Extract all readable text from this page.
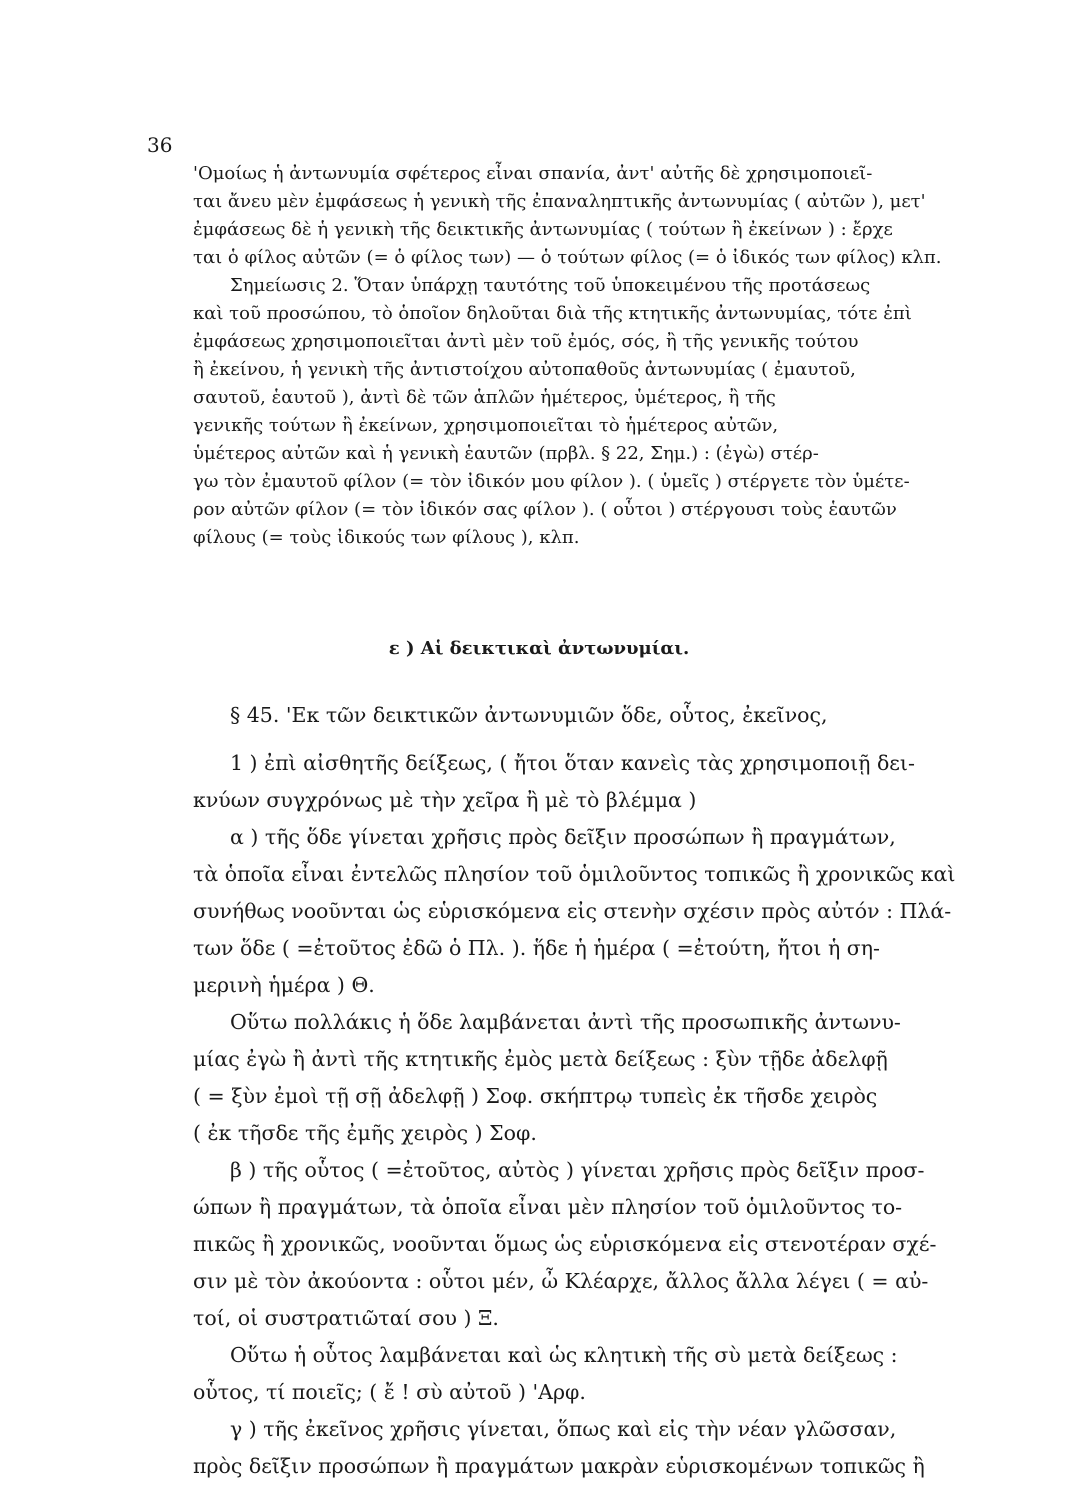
36
'Ομοίως ἡ ἀντωνυμία σφέτερος εἶναι σπανία, ἀντ' αὐτῆς δὲ χρησιμοποιεῖ-
ται ἄνευ μὲν ἐμφάσεως ἡ γενικὴ τῆς ἐπαναληπτικῆς ἀντωνυμίας ( αὐτῶν ), μετ'
ἐμφάσεως δὲ ἡ γενικὴ τῆς δεικτικῆς ἀντωνυμίας ( τούτων ἢ ἐκείνων ) : ἔρχε
ται ὁ φίλος αὐτῶν (= ὁ φίλος των) — ὁ τούτων φίλος (= ὁ ἰδικός των φίλος) κλπ.
Σημείωσις 2. Ὅταν ὑπάρχῃ ταυτότης τοῦ ὑποκειμένου τῆς προτάσεως
καὶ τοῦ προσώπου, τὸ ὁποῖον δηλοῦται διὰ τῆς κτητικῆς ἀντωνυμίας, τότε ἐπὶ
ἐμφάσεως χρησιμοποιεῖται ἀντὶ μὲν τοῦ ἐμός, σός, ἢ τῆς γενικῆς τούτου
ἢ ἐκείνου, ἡ γενικὴ τῆς ἀντιστοίχου αὐτοπαθοῦς ἀντωνυμίας ( ἐμαυτοῦ,
σαυτοῦ, ἑαυτοῦ ), ἀντὶ δὲ τῶν ἁπλῶν ἡμέτερος, ὑμέτερος, ἢ τῆς
γενικῆς τούτων ἢ ἐκείνων, χρησιμοποιεῖται τὸ ἡμέτερος αὐτῶν,
ὑμέτερος αὐτῶν καὶ ἡ γενικὴ ἑαυτῶν (πρβλ. § 22, Σημ.) : (ἐγὼ) στέρ-
γω τὸν ἐμαυτοῦ φίλον (= τὸν ἰδικόν μου φίλον ). ( ὑμεῖς ) στέργετε τὸν ὑμέτε-
ρον αὐτῶν φίλον (= τὸν ἰδικόν σας φίλον ). ( οὗτοι ) στέργουσι τοὺς ἑαυτῶν
φίλους (= τοὺς ἰδικούς των φίλους ), κλπ.
ε ) Αἱ δεικτικαὶ ἀντωνυμίαι.
§ 45. 'Εκ τῶν δεικτικῶν ἀντωνυμιῶν ὅδε, οὗτος, ἐκεῖνος,
1 ) ἐπὶ αἰσθητῆς δείξεως, ( ἤτοι ὅταν κανεὶς τὰς χρησιμοποιῇ δει-
κνύων συγχρόνως μὲ τὴν χεῖρα ἢ μὲ τὸ βλέμμα )
α ) τῆς ὅδε γίνεται χρῆσις πρὸς δεῖξιν προσώπων ἢ πραγμάτων,
τὰ ὁποῖα εἶναι ἐντελῶς πλησίον τοῦ ὁμιλοῦντος τοπικῶς ἢ χρονικῶς καὶ
συνήθως νοοῦνται ὡς εὑρισκόμενα εἰς στενὴν σχέσιν πρὸς αὐτόν : Πλά-
των ὅδε ( =ἐτοῦτος ἐδῶ ὁ Πλ. ). ἥδε ἡ ἡμέρα ( =ἐτούτη, ἤτοι ἡ ση-
μερινὴ ἡμέρα ) Θ.
Οὕτω πολλάκις ἡ ὅδε λαμβάνεται ἀντὶ τῆς προσωπικῆς ἀντωνυ-
μίας ἐγὼ ἢ ἀντὶ τῆς κτητικῆς ἐμὸς μετὰ δείξεως : ξὺν τῇδε ἀδελφῇ
( = ξὺν ἐμοὶ τῇ σῇ ἀδελφῇ ) Σοφ. σκήπτρῳ τυπεὶς ἐκ τῆσδε χειρὸς
( ἐκ τῆσδε τῆς ἐμῆς χειρὸς ) Σοφ.
β ) τῆς οὗτος ( =ἐτοῦτος, αὐτὸς ) γίνεται χρῆσις πρὸς δεῖξιν προσ-
ώπων ἢ πραγμάτων, τὰ ὁποῖα εἶναι μὲν πλησίον τοῦ ὁμιλοῦντος το-
πικῶς ἢ χρονικῶς, νοοῦνται ὅμως ὡς εὑρισκόμενα εἰς στενοτέραν σχέ-
σιν μὲ τὸν ἀκούοντα : οὗτοι μέν, ὦ Κλέαρχε, ἄλλος ἄλλα λέγει ( = αὐ-
τοί, οἱ συστρατιῶταί σου ) Ξ.
Οὕτω ἡ οὗτος λαμβάνεται καὶ ὡς κλητικὴ τῆς σὺ μετὰ δείξεως :
οὗτος, τί ποιεῖς; ( ἔ ! σὺ αὐτοῦ ) 'Αρφ.
γ ) τῆς ἐκεῖνος χρῆσις γίνεται, ὅπως καὶ εἰς τὴν νέαν γλῶσσαν,
πρὸς δεῖξιν προσώπων ἢ πραγμάτων μακρὰν εὑρισκομένων τοπικῶς ἢ
